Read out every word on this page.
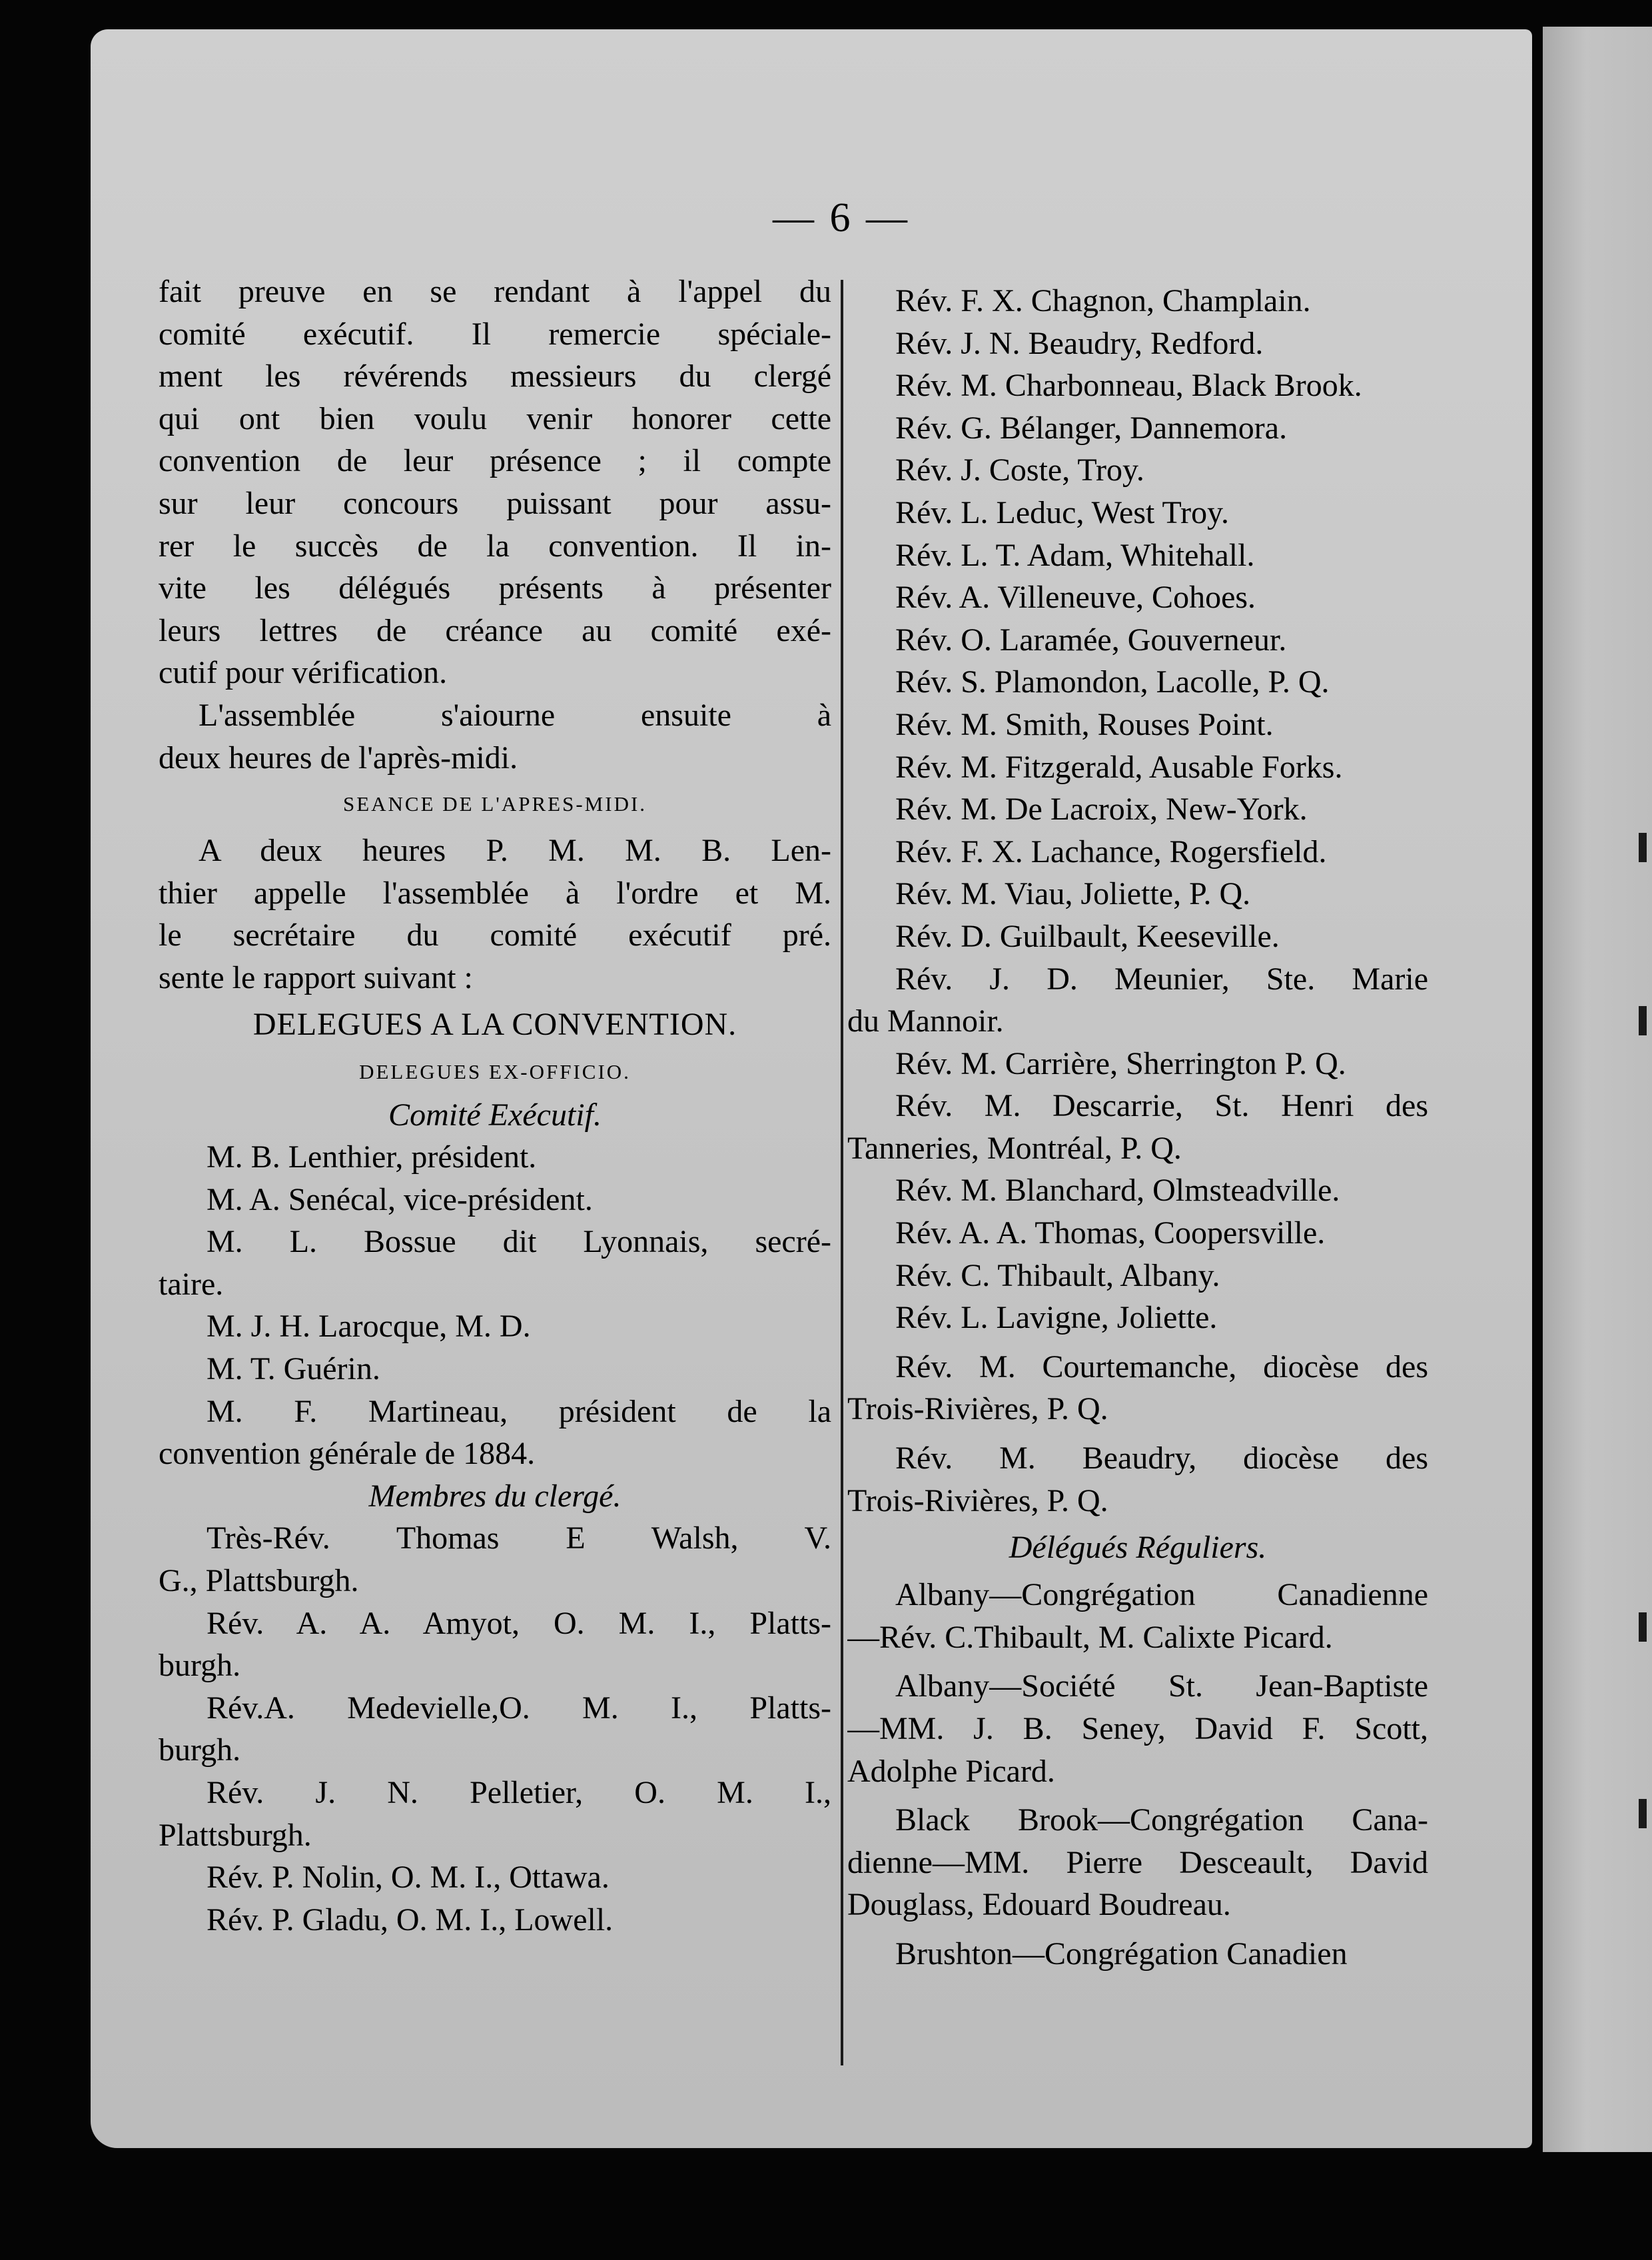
— 6 —
fait preuve en se rendant à l'appel du
comité exécutif. Il remercie spéciale-
ment les révérends messieurs du clergé
qui ont bien voulu venir honorer cette
convention de leur présence ; il compte
sur leur concours puissant pour assu-
rer le succès de la convention. Il in-
vite les délégués présents à présenter
leurs lettres de créance au comité exé-
cutif pour vérification.
L'assemblée s'aiourne ensuite à
deux heures de l'après-midi.
SEANCE DE L'APRES-MIDI.
A deux heures P. M. M. B. Len-
thier appelle l'assemblée à l'ordre et M.
le secrétaire du comité exécutif pré.
sente le rapport suivant :
DELEGUES A LA CONVENTION.
DELEGUES EX-OFFICIO.
Comité Exécutif.
M. B. Lenthier, président.
M. A. Senécal, vice-président.
M. L. Bossue dit Lyonnais, secré-
taire.
M. J. H. Larocque, M. D.
M. T. Guérin.
M. F. Martineau, président de la
convention générale de 1884.
Membres du clergé.
Très-Rév. Thomas E Walsh, V.
G., Plattsburgh.
Rév. A. A. Amyot, O. M. I., Platts-
burgh.
Rév.A. Medevielle,O. M. I., Platts-
burgh.
Rév. J. N. Pelletier, O. M. I.,
Plattsburgh.
Rév. P. Nolin, O. M. I., Ottawa.
Rév. P. Gladu, O. M. I., Lowell.
Rév. F. X. Chagnon, Champlain.
Rév. J. N. Beaudry, Redford.
Rév. M. Charbonneau, Black Brook.
Rév. G. Bélanger, Dannemora.
Rév. J. Coste, Troy.
Rév. L. Leduc, West Troy.
Rév. L. T. Adam, Whitehall.
Rév. A. Villeneuve, Cohoes.
Rév. O. Laramée, Gouverneur.
Rév. S. Plamondon, Lacolle, P. Q.
Rév. M. Smith, Rouses Point.
Rév. M. Fitzgerald, Ausable Forks.
Rév. M. De Lacroix, New-York.
Rév. F. X. Lachance, Rogersfield.
Rév. M. Viau, Joliette, P. Q.
Rév. D. Guilbault, Keeseville.
Rév. J. D. Meunier, Ste. Marie
du Mannoir.
Rév. M. Carrière, Sherrington P. Q.
Rév. M. Descarrie, St. Henri des
Tanneries, Montréal, P. Q.
Rév. M. Blanchard, Olmsteadville.
Rév. A. A. Thomas, Coopersville.
Rév. C. Thibault, Albany.
Rév. L. Lavigne, Joliette.
Rév. M. Courtemanche, diocèse des
Trois-Rivières, P. Q.
Rév. M. Beaudry, diocèse des
Trois-Rivières, P. Q.
Délégués Réguliers.
Albany—Congrégation Canadienne
—Rév. C.Thibault, M. Calixte Picard.
Albany—Société St. Jean-Baptiste
—MM. J. B. Seney, David F. Scott,
Adolphe Picard.
Black Brook—Congrégation Cana-
dienne—MM. Pierre Desceault, David
Douglass, Edouard Boudreau.
Brushton—Congrégation Canadien
